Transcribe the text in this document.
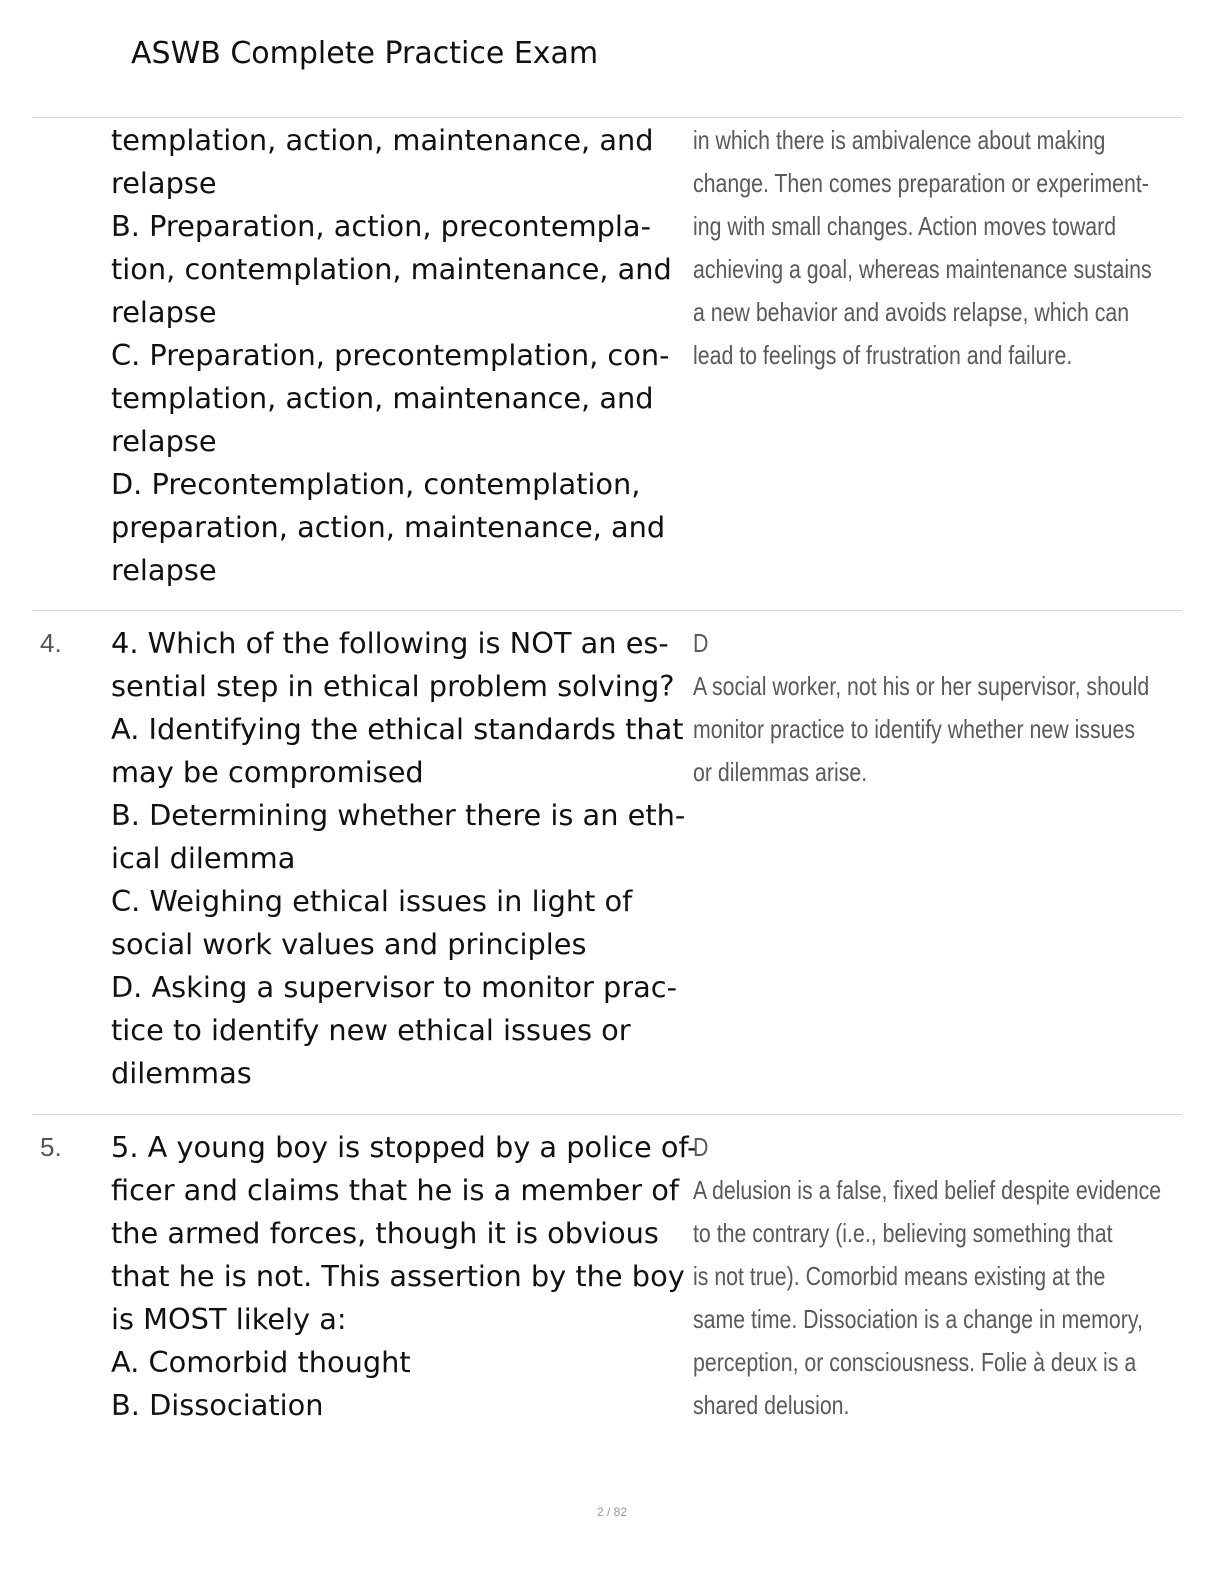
ASWB Complete Practice Exam
templation, action, maintenance, and
relapse
B. Preparation, action, precontempla-
tion, contemplation, maintenance, and
relapse
C. Preparation, precontemplation, con-
templation, action, maintenance, and
relapse
D. Precontemplation, contemplation,
preparation, action, maintenance, and
relapse
in which there is ambivalence about making
change. Then comes preparation or experiment-
ing with small changes. Action moves toward
achieving a goal, whereas maintenance sustains
a new behavior and avoids relapse, which can
lead to feelings of frustration and failure.
4. 4. Which of the following is NOT an es-
sential step in ethical problem solving?
A. Identifying the ethical standards that
may be compromised
B. Determining whether there is an eth-
ical dilemma
C. Weighing ethical issues in light of
social work values and principles
D. Asking a supervisor to monitor prac-
tice to identify new ethical issues or
dilemmas
D
A social worker, not his or her supervisor, should
monitor practice to identify whether new issues
or dilemmas arise.
5. 5. A young boy is stopped by a police of-
ficer and claims that he is a member of
the armed forces, though it is obvious
that he is not. This assertion by the boy
is MOST likely a:
A. Comorbid thought
B. Dissociation
D
A delusion is a false, fixed belief despite evidence
to the contrary (i.e., believing something that
is not true). Comorbid means existing at the
same time. Dissociation is a change in memory,
perception, or consciousness. Folie à deux is a
shared delusion.
2 / 82
